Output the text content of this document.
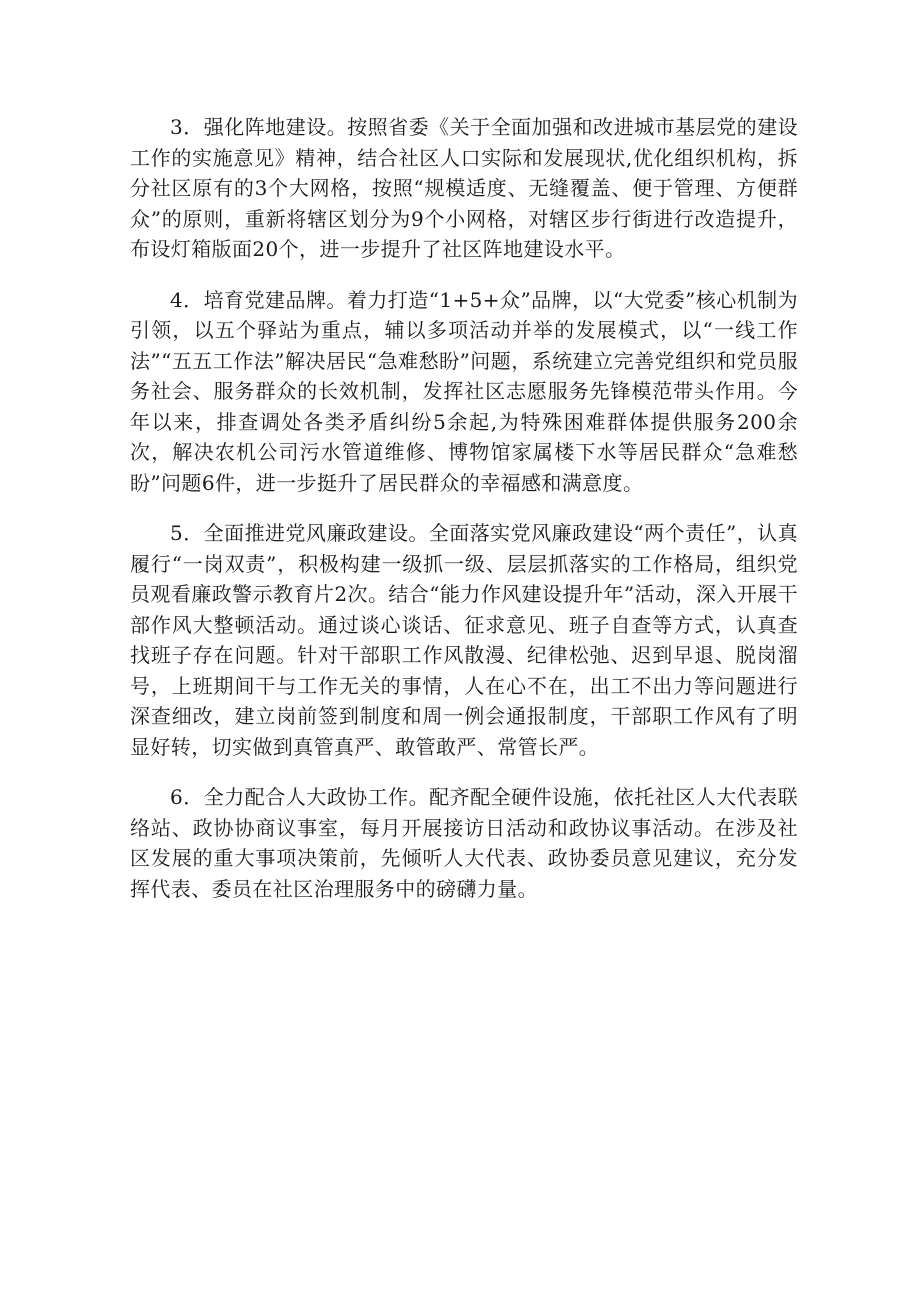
3．强化阵地建设。按照省委《关于全面加强和改进城市基层党的建设工作的实施意见》精神，结合社区人口实际和发展现状,优化组织机构，拆分社区原有的3个大网格，按照“规模适度、无缝覆盖、便于管理、方便群众”的原则，重新将辖区划分为9个小网格，对辖区步行街进行改造提升，布设灯箱版面20个，进一步提升了社区阵地建设水平。

4．培育党建品牌。着力打造“1+5+众”品牌，以“大党委”核心机制为引领，以五个驿站为重点，辅以多项活动并举的发展模式，以“一线工作法”“五五工作法”解决居民“急难愁盼”问题，系统建立完善党组织和党员服务社会、服务群众的长效机制，发挥社区志愿服务先锋模范带头作用。今年以来，排查调处各类矛盾纠纷5余起,为特殊困难群体提供服务200余次，解决农机公司污水管道维修、博物馆家属楼下水等居民群众“急难愁盼”问题6件，进一步挺升了居民群众的幸福感和满意度。

5．全面推进党风廉政建设。全面落实党风廉政建设“两个责任”，认真履行“一岗双责”，积极构建一级抓一级、层层抓落实的工作格局，组织党员观看廉政警示教育片2次。结合“能力作风建设提升年”活动，深入开展干部作风大整顿活动。通过谈心谈话、征求意见、班子自查等方式，认真查找班子存在问题。针对干部职工作风散漫、纪律松弛、迟到早退、脱岗溜号，上班期间干与工作无关的事情，人在心不在，出工不出力等问题进行深查细改，建立岗前签到制度和周一例会通报制度，干部职工作风有了明显好转，切实做到真管真严、敢管敢严、常管长严。

6．全力配合人大政协工作。配齐配全硬件设施，依托社区人大代表联络站、政协协商议事室，每月开展接访日活动和政协议事活动。在涉及社区发展的重大事项决策前，先倾听人大代表、政协委员意见建议，充分发挥代表、委员在社区治理服务中的磅礴力量。
